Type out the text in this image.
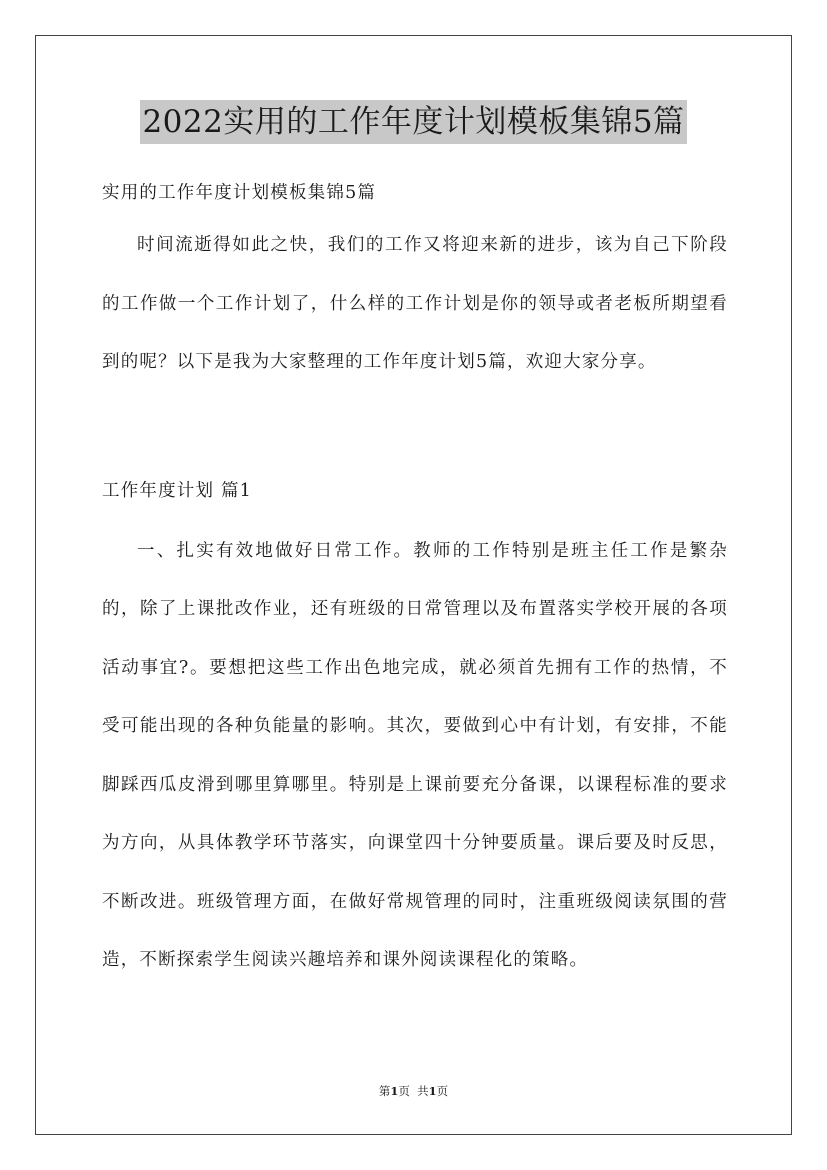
2022实用的工作年度计划模板集锦5篇

实用的工作年度计划模板集锦5篇

时间流逝得如此之快，我们的工作又将迎来新的进步，该为自己下阶段的工作做一个工作计划了，什么样的工作计划是你的领导或者老板所期望看到的呢？以下是我为大家整理的工作年度计划5篇，欢迎大家分享。

工作年度计划 篇1

一、扎实有效地做好日常工作。教师的工作特别是班主任工作是繁杂的，除了上课批改作业，还有班级的日常管理以及布置落实学校开展的各项活动事宜?。要想把这些工作出色地完成，就必须首先拥有工作的热情，不受可能出现的各种负能量的影响。其次，要做到心中有计划，有安排，不能脚踩西瓜皮滑到哪里算哪里。特别是上课前要充分备课，以课程标准的要求为方向，从具体教学环节落实，向课堂四十分钟要质量。课后要及时反思，不断改进。班级管理方面，在做好常规管理的同时，注重班级阅读氛围的营造，不断探索学生阅读兴趣培养和课外阅读课程化的策略。

第1页  共1页
